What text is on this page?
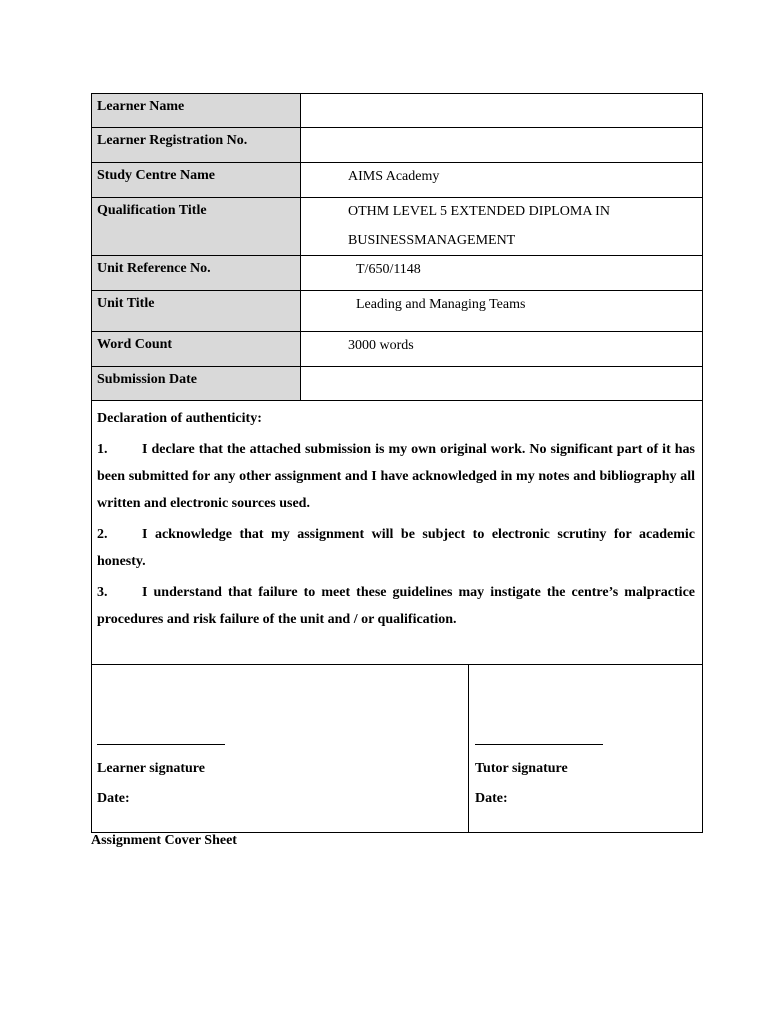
Learner Name	
Learner Registration No.	
Study Centre Name	AIMS Academy

Qualification Title	OTHM LEVEL 5 EXTENDED DIPLOMA IN
BUSINESSMANAGEMENT

Unit Reference No.	T/650/1148

Unit Title	Leading and Managing Teams

Word Count	3000 words

Submission Date	

Declaration of authenticity:

1. I declare that the attached submission is my own original work. No significant part of it has been submitted for any other assignment and I have acknowledged in my notes and bibliography all written and electronic sources used.

2. I acknowledge that my assignment will be subject to electronic scrutiny for academic honesty.

3. I understand that failure to meet these guidelines may instigate the centre’s malpractice procedures and risk failure of the unit and / or qualification.

Learner signature
Date:
Tutor signature
Date:
Assignment Cover Sheet
